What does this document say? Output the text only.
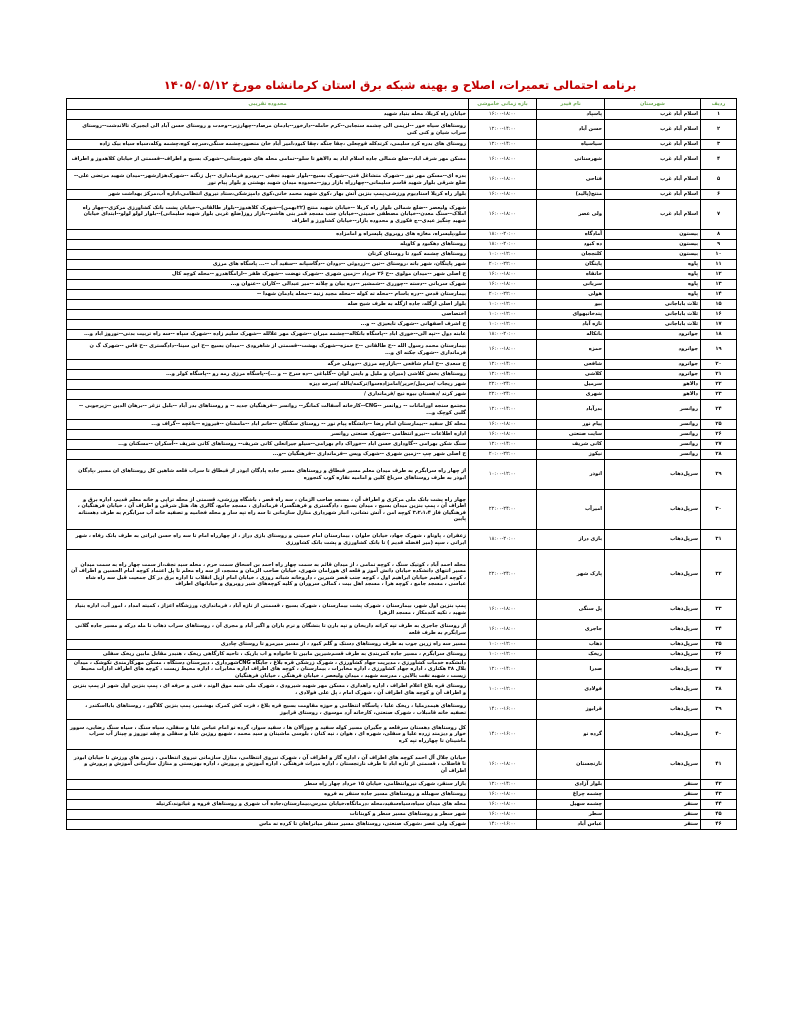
برنامه احتمالی تعمیرات، اصلاح و بهینه شبکه برق استان کرمانشاه مورخ ۱۴۰۵/۰۵/۱۲
ردیف	شهرستان	نام فیدر	بازه زمانی خاموشی	محدوده تقریبی
۱	اسلام آباد غرب	پاسپاد	۱۶:۰۰-۱۸:۰۰	خیابان راه کربلا، محله بنیاد شهید
۲	اسلام آباد غرب	حسن آباد	۱۲:۰۰-۱۴:۰۰	روستاهای سیاه خور --لریمی الی چشمه سنجابی--کرم حامله--دارخور--یادمان مرصاد--چهارزبر--وحدت و روستای حسن آباد الی ابجیرک تالاندشت--روستای سراب شیان و کنی کنی
۳	اسلام آباد غرب	سیاسیاه	۱۲:۰۰-۱۴:۰۰	روستای های بدره کرد سلیمی، کرندکله قوچعلی ،چقا جنگه ،چقا کبود،امیر آباد خان منصور،چشمه سنگی،سرچه کوه،چشمه وکله،سیاه سیاه بیک زاده
۴	اسلام آباد غرب	شهرستانی	۱۶:۰۰-۱۸:۰۰	مسکن مهر شرف اباد--ضلع شمالی جاده اسلام اباد به دالاهو تا سلو--تمامی محله های شهرستانی--شهرک بسیج و اطراف--قسمتی از خیابان کلاهدوز و اطراف
۵	اسلام آباد غرب	فتاحی	۱۶:۰۰-۱۸:۰۰	بدره ای--مسکن مهر نور --شهرک متشاغل فنی--شهرک بسیج--بلوار شهید نجفی --روبرو فرمانداری --پل زنگنه --شهرک‌هزار‌شهر--میدان شهید مرتضی علی--ضلع شرقی بلوار شهید قاسم سلیمانی--چهارراه بازار روز--محدوده میدان شهید بهشتی و بلوار پیام نور
۶	اسلام آباد غرب	منتج(پالید)	۱۶:۰۰-۱۸:۰۰	بلوار راه کربلا استادیوم ورزشی،پمپ بنزین آتش بهار ،کوی شهید محمد خانی،کوی دامپزشکی،ستاد نیروی انتظامی،اداره آب،مرکز بهداشت شهر
۷	اسلام آباد غرب	ولی عصر	۱۶:۰۰-۱۸:۰۰	شهرک ولیعصر --ضلع شمالی بلوار راه کربلا --خیابان شهید منتج (۲۲بهمن)--شهرک کلاهدوز--بلوار طالقانی--خیابان پشت بانک کشاورزی مرکزی--چهار راه املاک--سنگ معدن--خیابان مصطفی خمینی--خیابان جنب مسجد قمر بنی هاشم--بازار روز(ضلع غربی بلوار شهید سلیمانی)--بلوار لولو لولو--ابتدای خیابان شهید چنگیز عیدی--ج فکوری و محدوده بازار--خیابان کشاورز و اطراف
۸	بیستون	آمادگاه	۱۸:۰۰-۲۰:۰۰	سلو،پلیسراه، مغازه های روبروی پلیسراه و امامزاده
۹	بیستون	ده کبود	۱۸:۰۰-۲۰:۰۰	روستاهای دهکبود و کاویله
۱۰	بیستون	کلنججان	۱۰:۰۰-۱۲:۰۰	روستاهای چشمه کبود تا روستای کرتان
۱۱	پاوه	پاینگان	۲۰:۰۰-۲۲:۰۰	شهر پاینگان، شهر باته ،روستای --تین --زردوئی --دودان --دگاسپانه --سفید آب --... پاسگاه های مرزی
۱۲	پاوه	خانقاه	۱۶:۰۰-۱۸:۰۰	خ اصلی شهر --میدان مولوی --خ ۲۶ خرداد --زمین شهری --شهرک نهضت --شهرک ظفر --ارامگاهدرو --محله کوچه کال
۱۳	پاوه	سربانی	۱۶:۰۰-۱۸:۰۰	شهرک سربانی --دسته --چورری --شمشیر --دره بیان و چلانه --میر عبدالی --کاران --عنوان و...
۱۴	پاوه	هولی	۲۰:۰۰-۲۲:۰۰	بیمارستان قدس --دره باسام --محله ته کوله --محله مجید زنبه --محله یادمان شهدا --
۱۵	ثلاث باباجانی	بیو	۱۰:۰۰-۱۲:۰۰	بلوار اصلی ازگله، جاده ازگله به طرف شیخ صله
۱۶	ثلاث باباجانی	پتدخانیهوای	۱۰:۰۰-۱۲:۰۰	اختصاصی
۱۷	ثلاث باباجانی	تازه آباد	۱۰:۰۰-۱۲:۰۰	خ اشرف اصفهانی --شهرک تابعیزی -- و...
۱۸	جوانرود	بانکاله	۱۸:۰۰-۲۰:۰۰	عابنه دول --تپه الی--خوری اباد --پاسگاه بانکاله--چشمه میران --شهرک مهر علالله --شهرک سلیم زاده --شهرک سپاه --سه راه تربیت بدنی--نوروز اباد و...
۱۹	جوانرود	حمزه	۱۶:۰۰-۱۸:۰۰	بیمارستان محمد رسول الله --خ طالقانی --خ حمزه--شهرک بهشت--قسمتی از شاهرودی --میدان بسیج --خ ابن سینا--دادگستری --خ قاس --شهرک گ ن فرمانداری --شهرک جکنه ای و...
۲۰	جوانرود	شافعی	۱۲:۰۰-۱۴:۰۰	خ سعدی --خ امام شافعی --بازارچه مرزی --دوبلی خرگه
۲۱	جوانرود	کلاشی	۱۲:۰۰-۱۴:۰۰	روستاهای بخش کلاشی (میران و ملیل و باینی لوان --گلباغی --ده سرخ -- و ...)--پاسگاه مرزی رمه رو --پاسگاه کولر و...
۲۲	دالاهو	سرمیل	۲۲:۰۰-۲۴:۰۰	شهر ریجاب /سرمیل/حریر/امامزاده‌سوا/ترکمه/بالله /سرخه دیزه
۲۳	دالاهو	شهری	۲۲:۰۰-۲۴:۰۰	شهر کرند /دهستان بیوه نیج /فرمانداری /
۲۴	روانسر	بدرآباد	۱۲:۰۰-۱۴:۰۰	مجتمع سنجه اورامانات -- روانسر --CNG--کارخانه آسفالت کمانگر-- روانسر --فرهنگیان جدید -- و روستاهای بدر آباد --بلبل تزغر --برهان الدین --زیرجوبی --گلبی کوچک و...
۲۵	روانسر	پیام نور	۱۶:۰۰-۱۸:۰۰	محله کل سفید --بیمارستان امام رضا --دانشگاه پیام نور -- روستای سکنگان --خانم اباد --مامشان --فیروزه --باغچه --گراف و...
۲۶	روانسر	سایت صنعتی	۱۶:۰۰-۱۸:۰۰	اداره اطلاعات --نیرو انتظامی --شهرک صنعتی روانسر
۲۷	روانسر	کانی شریف	۱۲:۰۰-۱۴:۰۰	سنگ شکن بهرامی --گاوداری حسن اباد --خوراک دام بهرامی--سیلو جیرانعلی کانی شریف-- روستاهای کانی شریف --آسکران --مسکنان و...
۲۸	روانسر	نیکوز	۲۰:۰۰-۲۲:۰۰	خ اصلی شهر چپ --زمین شهری --شهرک ویس --فرمانداری --فرهنگیان --و...
۲۹	سرپل‌ذهاب	انوذر	۱۰:۰۰-۱۲:۰۰	از چهار راه سرابگرم به طرف میدان معلم مسیر قبطاق و روستاهای مسیر جاده پادگان ابوذر از قبطاق تا سراب قلعه شاهین کل روستاهای ان مسیر ،پادگان ابوذر به طرف روستاهای سرباغ کلین و امامیه تقاره کوب کنجوره
۳۰	سرپل‌ذهاب	امیرآب	۲۲:۰۰-۲۴:۰۰	چهار راه پشت بانک ملی مرکزی و اطراف آن ، مسجد صاحب الزمان ، سه راه قصر ، باشگاه ورزشی، قسمتی از محله تراپی و خانه معلم قدیم، اداره برق و اطراف آن ، پمپ بنزین میدان بسیج ، میدان بسیج ، دادگستری و فرهنگسرا، فرمانداری ، مسجد جامع، گالری ها، هتل شرقی و اطراف آن ، خیابان فرهنگیان ، فرهنگیان فاز ۳،۲،۱،۴ کوچه امن ، آتش نشانی، انبار شهرداری منازل سازمانی تا سه راه تپه سار و محله فخامیه و تصفیه خانه آب سرابگرم به طرف دهستانه پایین
۳۱	سرپل‌ذهاب	بازی دراز	۱۸:۰۰-۲۰:۰۰	زعفران ، پاوناو ، شهرک جهاد، خیابان حلوان ، بیمارستان امام خمینی و روستای بازی دراز ، از چهارراه امام تا سه راه حسن ایرانی به طرف بانک رفاه ، شهر ایرانی ، سپه (میر افضله قدیم ) تا بانک کشاورزی و پشت بانک کشاورزی
۳۲	سرپل‌ذهاب	پارک شهر	۲۲:۰۰-۲۴:۰۰	محله احمد آباد ، کوتیک سنگ ، کوچه تمامی ، از میدان قائم به سمت چهار راه احمد بن اسحاق سمت حرم ، محله سید نجف،از سمت چهار راه به سمت میدان مسیر انتهای دانشکده خیابان دانش آموز و قلعه ای هورامان شهری، خیابان صاحب الزمان و مسجد، از سه راه معلم تا پل اعتماد کوچه امام الحسین و اطراف آن ، کوچه ابراهیم خیابان ابراهیم اول ، کوچه جنب قصر شیرین ، داروخانه شبانه روزی ، خیابان امام ازپل انقلاب تا اداره برق در کل جمعیت قبل سه راه شاه عباسی ، مسجد جامع ، کوچه هرا ، مسجد اهل بیت ، کمالی سروران و کلیه کوچه‌های شیر روبروی و خیابانهای اطراف
۳۳	سرپل‌ذهاب	پل سنگی	۱۶:۰۰-۱۸:۰۰	پمپ بنزین اول شهر، بیمارستان ، شهرک پشت بیمارستان ، شهرک بسیج ، قسمتی از تازه آباد ، فرمانداری، ورزشگاه اعزاز ، کمیته امداد ، امور آب، اداره بنیاد شهید ، تکیه کندمکاز ، مسجد الزهرا
۳۴	سرپل‌ذهاب	جاجری	۱۶:۰۰-۱۸:۰۰	از روستای جاجری به طرف تپه کرانه داربخان و تپه بارن تا بنشگان و نرم باران و اگیر آباد و مجری آن ، روستاهای سراب ذهاب تا مله درکه و مسیر جاده گلانی‌ سرابگرم به طرف قلعه
۳۵	سرپل‌ذهاب	ذهاب	۱۰:۰۰-۱۲:۰۰	مسیر سه راه زرین جوب به طرف روستاهای دستک و گلم کبود ، از مسیر میرمرو تا روستای چادری
۳۶	سرپل‌ذهاب	ریخک	۱۰:۰۰-۱۲:۰۰	روستای سرابگرم ، مسیر جاده کمربندی به طرف قسم‌شیرین مابین تا خانواده و اب باریک ، ناحیه کارگاهی ریخک ، هنبدر مقابل مابین ریخک سفلی
۳۷	سرپل‌ذهاب	صدرا	۱۲:۰۰-۱۴:۰۰	دانشکده خدمات کشاورزی ، مدیریت جهاد کشاورزی ، شهرک زرشکی قره بلاغ ، جایگاه CNGشهرداری ، دبیرستان دستگاه ، مسکن مهرکارمندی تکوشک ، میدان بلال ۳۸ هکتاری ، اداره جهاد کشاورزی ، اداره مخابرات ، بیمارستان ، کوچه های اطراف اداره مخابرات ، اداره محیط زیست ، کوچه های اطراف ادارات محیط زیست ، شهبه تفت بالایی ، مدرسه شهید ، میدان ولیعصر ، خیابان فرهنگی ، خیابان فرهنگیان
۳۸	سرپل‌ذهاب	فولادی	۱۰:۰۰-۱۲:۰۰	روستای قره بلاغ اعلام اطراف ، اداره راهداری ، مسکن مهر شهید شیرودی ، شهرک ملی شبه موق الوند ، فنی و حرفه ای ، پمپ بنزین اول شهر از پمپ بنزین و اطراف آن و کوچه های اطراف آن ، شهرک امام ، پل علی فولادی ،
۳۹	سرپل‌ذهاب	قرابوز	۱۴:۰۰-۱۶:۰۰	روستاهای هیمدرملیا ، ریخک علیا ، پاسگاه انتظامی و حوزه مقاومت بسیج قره بلاغ ، فرت کش کمرک بهشمیر، پمپ بنزین کلاگور ، روستاهای بابااسکندر ، تصفیه خانه قامبلاب ، شهرک صنعتی، کارخانه آرد موسوی ، روستای قرابوز
۴۰	سرپل‌ذهاب	گرده نو	۱۴:۰۰-۱۶:۰۰	کل روستاهای دهستان سرقلعه و جگیران مسیر کوله سفید و چوزآلان ها ، سفید سوار، گرده نو امام عباس علیا و سفلی، سیاه سنگ ، سیاه سنگ رضایی، سوور خوار و دیزمند زرده علیا و سفلی، شهره ای ، هوان ، نیه کنان ، بلوسی ماشینان و سید محمد ، شهیع روژین علیا و سفلی و چقه نوروز و چیناز آب سراب ماشینان تا چهارراه تپه کره
۴۱	سرپل‌ذهاب	نارنجستان	۱۶:۰۰-۱۸:۰۰	خیابان جلال آل احمد کوچه های اطراف آن ، اداره گاز و اطراف آن ، شهرک نیروی انتظامی، منازل سازمانی نیروی انتظامی ، زمین های ورزش تا خیابان ابوذر تا فاضلاب ، قسمتی از تازه اباد تا طرف نارنجستان ، اداره میراث فرهنگی ، اداره آموزش و پرورش ، اداره بهزیستی و منازل سازمانی آموزش و پرورش و اطراف آن
۴۲	سنقر	بلوار آزادی	۱۲:۰۰-۱۴:۰۰	بازار سنقر، شهرک نیروانتظامی، خیابان ۱۵ خرداد چهار راه سطر
۴۳	سنقر	چشمه چراغ	۱۶:۰۰-۱۸:۰۰	روستاهای سهبلله و روستاهای مسیر جاده سنقر به فروه
۴۴	سنقر	چشمه سهیل	۱۶:۰۰-۱۸:۰۰	محله های میدان سیاه،سیاه‌سفید،محله ،درمانگاه،خیابان مدرس،بیمارستان،جاده آب شهری و روستاهای فروه و غیاثوند،کرتیله
۴۵	سنقر	سطر	۱۶:۰۰-۱۸:۰۰	شهر سطر و روستاهای مسیر سطر و کوبتانات
۴۶	سنقر	عباس آباد	۱۴:۰۰-۱۶:۰۰	شهرک ولی عصر ،شهرک صنعتی، روستاهای مسیر سنقر میانراهان تا کرده نه ماس
